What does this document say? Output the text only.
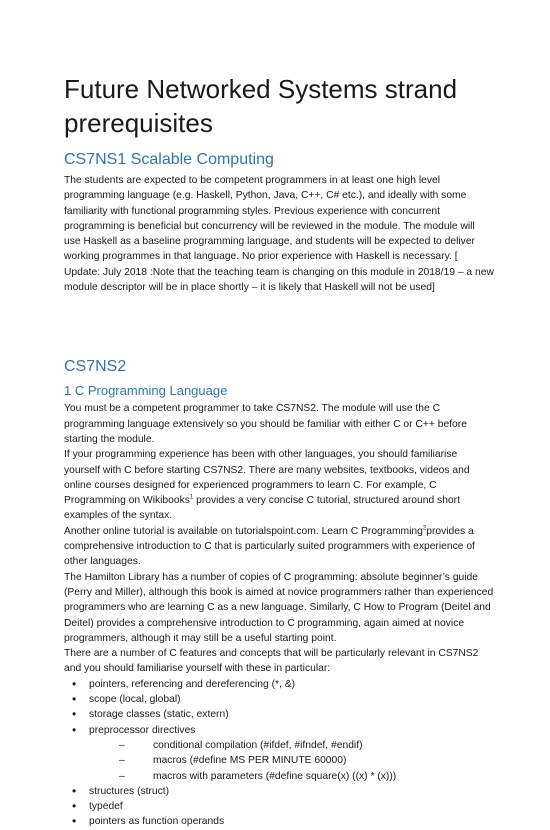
Future Networked Systems strand prerequisites
CS7NS1 Scalable Computing

The students are expected to be competent programmers in at least one high level programming language (e.g. Haskell, Python, Java, C++, C# etc.), and ideally with some familiarity with functional programming styles. Previous experience with concurrent programming is beneficial but concurrency will be reviewed in the module. The module will use Haskell as a baseline programming language, and students will be expected to deliver working programmes in that language. No prior experience with Haskell is necessary. [ Update: July 2018 :Note that the teaching team is changing on this module in 2018/19 – a new module descriptor will be in place shortly – it is likely that Haskell will not be used]

CS7NS2
1 C Programming Language

You must be a competent programmer to take CS7NS2. The module will use the C programming language extensively so you should be familiar with either C or C++ before starting the module.

If your programming experience has been with other languages, you should familiarise yourself with C before starting CS7NS2. There are many websites, textbooks, videos and online courses designed for experienced programmers to learn C. For example, C Programming on Wikibooks$^1$ provides a very concise C tutorial, structured around short examples of the syntax.

Another online tutorial is available on tutorialspoint.com. Learn C Programming$^2$provides a comprehensive introduction to C that is particularly suited programmers with experience of other languages.

The Hamilton Library has a number of copies of C programming: absolute beginner’s guide (Perry and Miller), although this book is aimed at novice programmers rather than experienced programmers who are learning C as a new language. Similarly, C How to Program (Deitel and Deitel) provides a comprehensive introduction to C programming, again aimed at novice programmers, although it may still be a useful starting point.

There are a number of C features and concepts that will be particularly relevant in CS7NS2 and you should familiarise yourself with these in particular:

• pointers, referencing and dereferencing (*, &)
• scope (local, global)
• storage classes (static, extern)
• preprocessor directives
– conditional compilation (#ifdef, #ifndef, #endif)
– macros (#define MS PER MINUTE 60000)
– macros with parameters (#define square(x) ((x) * (x)))
• structures (struct)
• typedef
• pointers as function operands
